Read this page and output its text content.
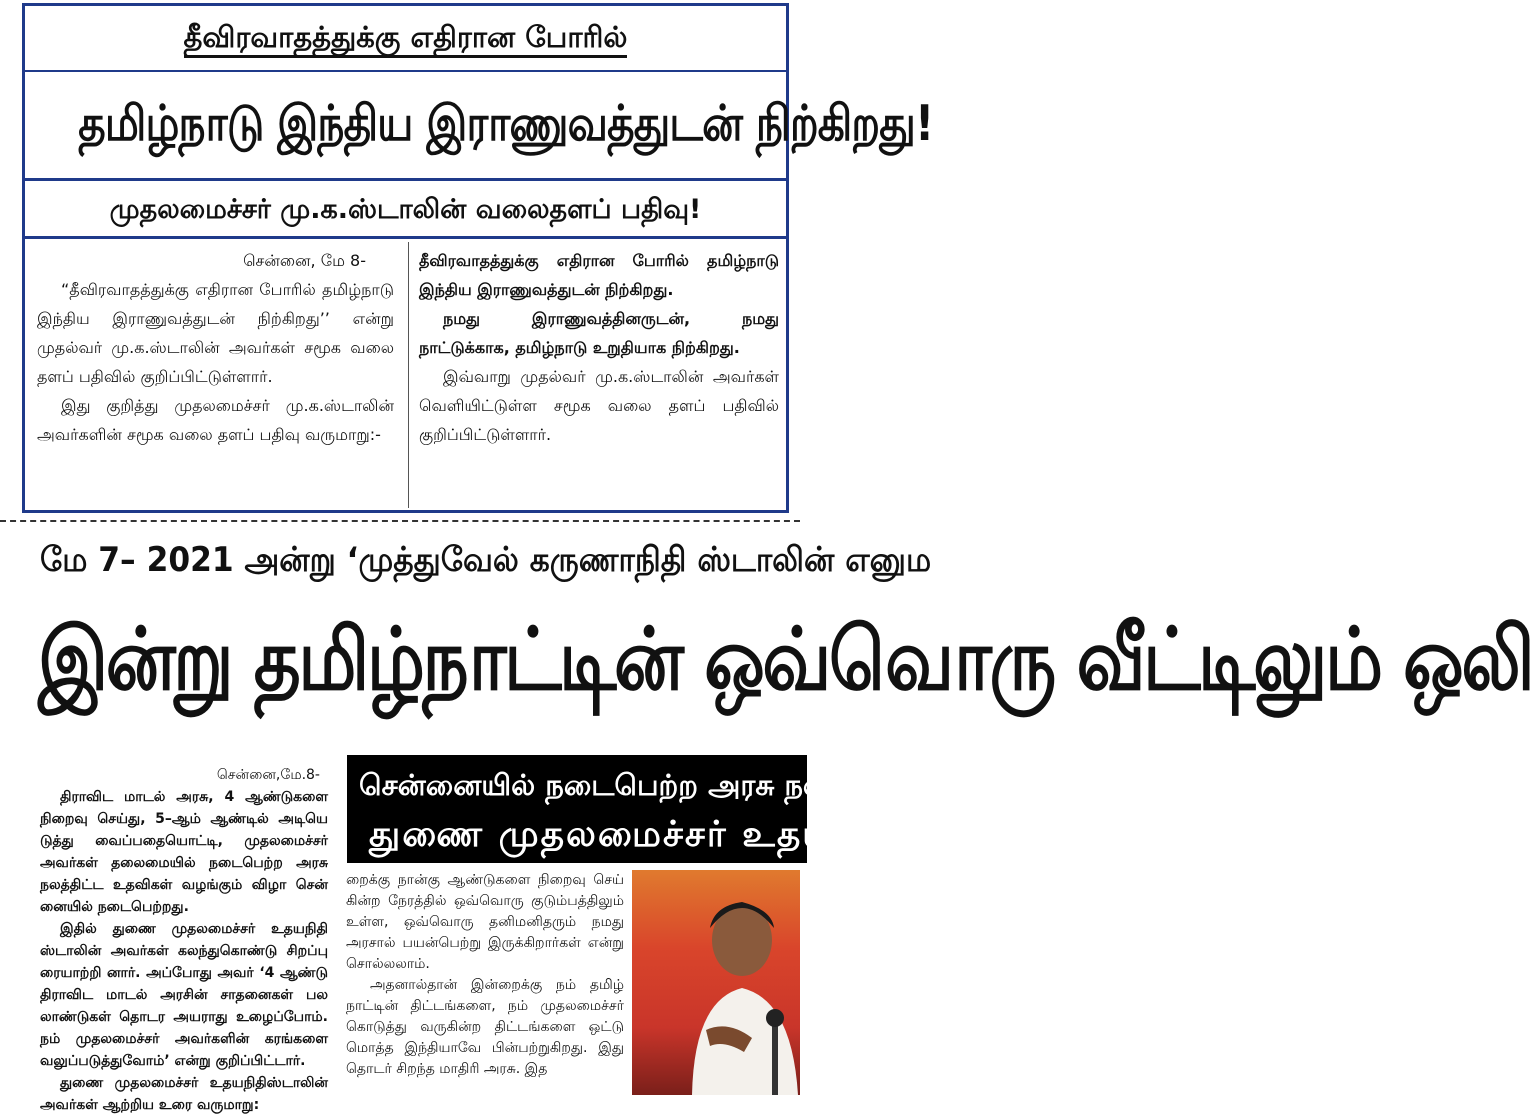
தீவிரவாதத்துக்கு எதிரான போரில்
தமிழ்நாடு இந்திய இராணுவத்துடன் நிற்கிறது!
முதலமைச்சர் மு.க.ஸ்டாலின் வலைதளப் பதிவு!

சென்னை, மே 8-

“தீவிரவாதத்துக்கு எதிரான போரில் தமிழ்நாடு இந்திய இராணுவத்துடன் நிற்கிறது’’ என்று முதல்வர் மு.க.ஸ்டாலின் அவர்கள் சமூக வலை தளப் பதிவில் குறிப்பிட்டுள்ளார்.

இது குறித்து முதலமைச்சர் மு.க.ஸ்டாலின் அவர்களின் சமூக வலை தளப் பதிவு வருமாறு:-

தீவிரவாதத்துக்கு எதிரான போரில் தமிழ்நாடு இந்திய இராணுவத்துடன் நிற்கிறது.

நமது இராணுவத்தினருடன், நமது நாட்டுக்காக, தமிழ்நாடு உறுதியாக நிற்கிறது.

இவ்வாறு முதல்வர் மு.க.ஸ்டாலின் அவர்கள் வெளியிட்டுள்ள சமூக வலை தளப் பதிவில் குறிப்பிட்டுள்ளார்.

மே 7– 2021 அன்று ‘முத்துவேல் கருணாநிதி ஸ்டாலின் எனும
இன்று தமிழ்நாட்டின் ஒவ்வொரு வீட்டிலும் ஒலி

சென்னை,மே.8-

திராவிட மாடல் அரசு, 4 ஆண்டுகளை நிறைவு செய்து, 5–ஆம் ஆண்டில் அடியெ டுத்து வைப்பதையொட்டி, முதலமைச்சர் அவர்கள் தலைமையில் நடைபெற்ற அரசு நலத்திட்ட உதவிகள் வழங்கும் விழா சென் னையில் நடைபெற்றது.

இதில் துணை முதலமைச்சர் உதயநிதி ஸ்டாலின் அவர்கள் கலந்துகொண்டு சிறப்பு ரையாற்றி னார். அப்போது அவர் ‘4 ஆண்டு திராவிட மாடல் அரசின் சாதனைகள் பல லாண்டுகள் தொடர அயராது உழைப்போம். நம் முதலமைச்சர் அவர்களின் கரங்களை வலுப்படுத்துவோம்’ என்று குறிப்பிட்டார்.

துணை முதலமைச்சர் உதயநிதிஸ்டாலின் அவர்கள் ஆற்றிய உரை வருமாறு:

சென்னையில் நடைபெற்ற அரசு நலத
துணை முதலமைச்சர் உதய

றைக்கு நான்கு ஆண்டுகளை நிறைவு செய் கின்ற நேரத்தில் ஒவ்வொரு குடும்பத்திலும் உள்ள, ஒவ்வொரு தனிமனிதரும் நமது அரசால் பயன்பெற்று இருக்கிறார்கள் என்று சொல்லலாம்.

அதனால்தான் இன்றைக்கு நம் தமிழ் நாட்டின் திட்டங்களை, நம் முதலமைச்சர் கொடுத்து வருகின்ற திட்டங்களை ஒட்டு மொத்த இந்தியாவே பின்பற்றுகிறது. இது தொடர் சிறந்த மாதிரி அரசு. இத
